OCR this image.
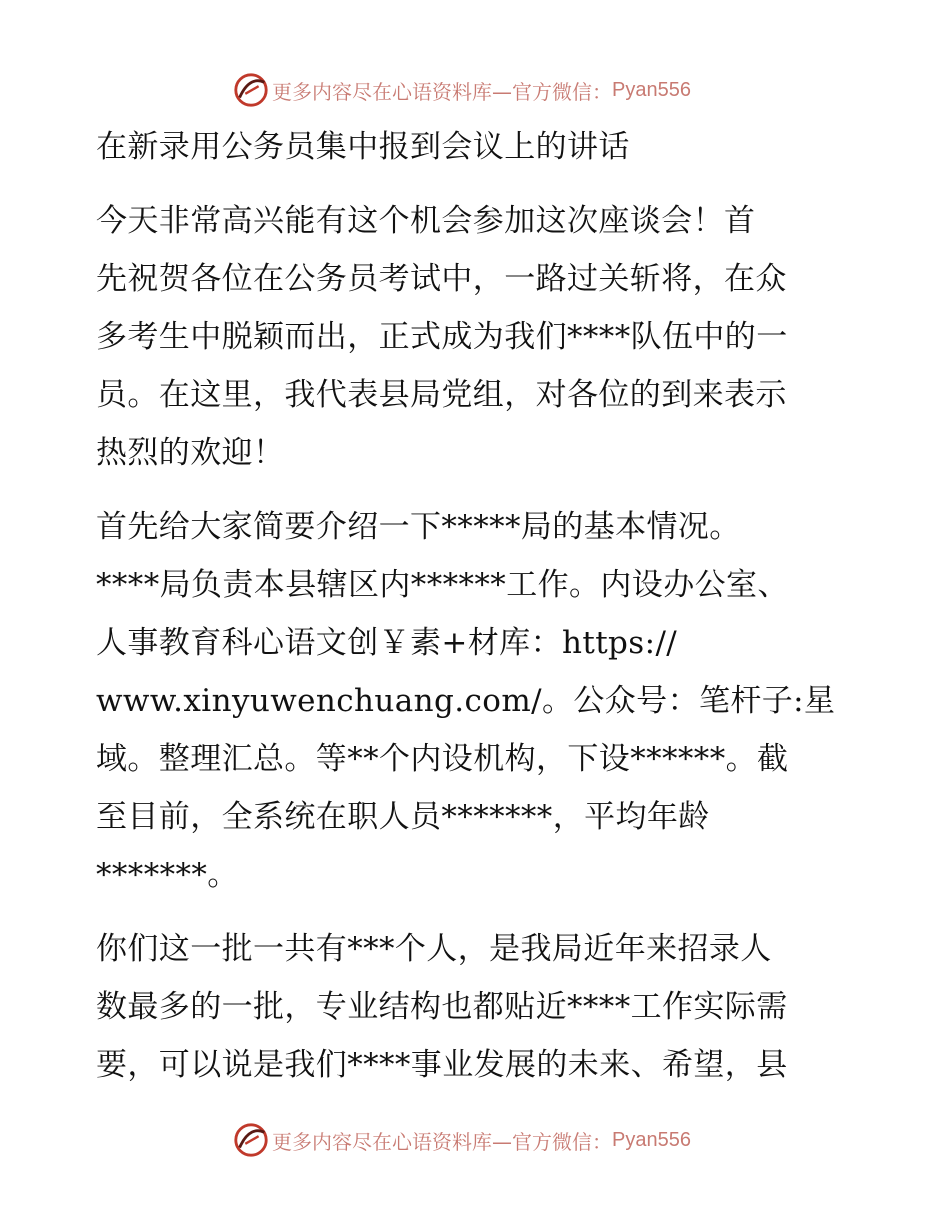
更多内容尽在心语资料库—官方微信： Pyan556
在新录用公务员集中报到会议上的讲话
今天非常高兴能有这个机会参加这次座谈会！首
先祝贺各位在公务员考试中，一路过关斩将，在众
多考生中脱颖而出，正式成为我们****队伍中的一
员。在这里，我代表县局党组，对各位的到来表示
热烈的欢迎！
首先给大家简要介绍一下*****局的基本情况。
****局负责本县辖区内******工作。内设办公室、
人事教育科心语文创￥素+材库：https://
www.xinyuwenchuang.com/。公众号：笔杆子:星
域。整理汇总。等**个内设机构，下设******。截
至目前，全系统在职人员*******，平均年龄
*******。
你们这一批一共有***个人，是我局近年来招录人
数最多的一批，专业结构也都贴近****工作实际需
要，可以说是我们****事业发展的未来、希望，县
更多内容尽在心语资料库—官方微信： Pyan556
